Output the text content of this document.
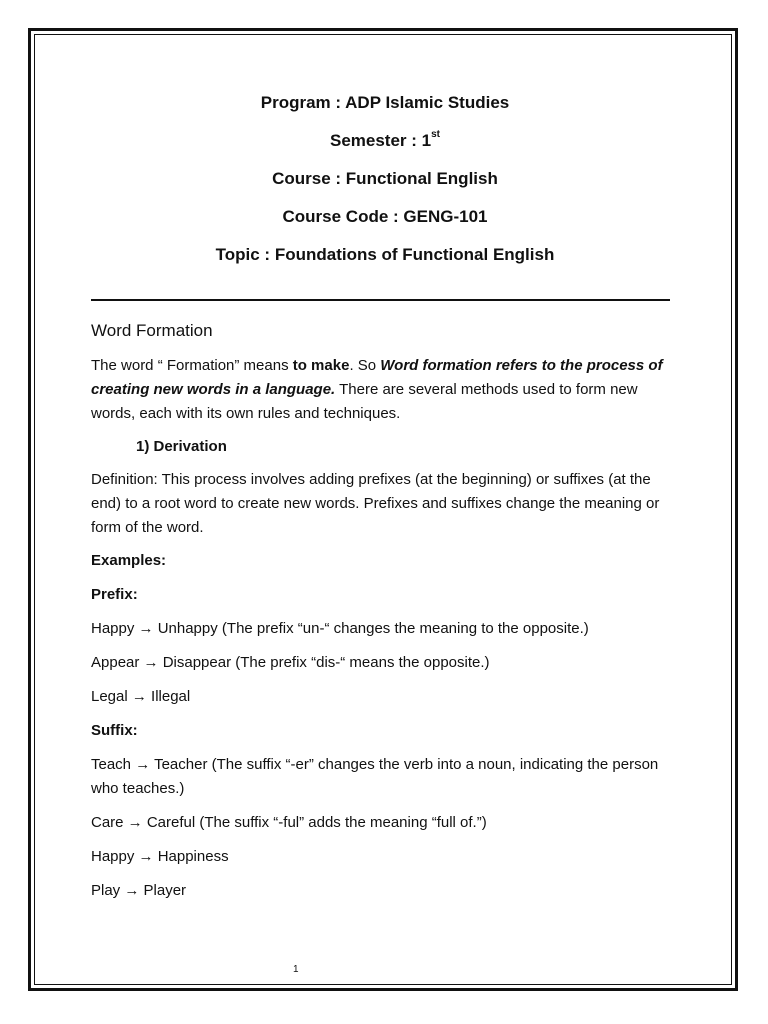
Program : ADP Islamic Studies
Semester : 1st
Course : Functional English
Course Code : GENG-101
Topic : Foundations of Functional English
Word Formation

The word “ Formation” means to make. So Word formation refers to the process of creating new words in a language. There are several methods used to form new words, each with its own rules and techniques.

1) Derivation

Definition: This process involves adding prefixes (at the beginning) or suffixes (at the end) to a root word to create new words. Prefixes and suffixes change the meaning or form of the word.

Examples:

Prefix:

Happy → Unhappy (The prefix “un-“ changes the meaning to the opposite.)

Appear → Disappear (The prefix “dis-“ means the opposite.)

Legal → Illegal

Suffix:

Teach → Teacher (The suffix “-er” changes the verb into a noun, indicating the person who teaches.)

Care → Careful (The suffix “-ful” adds the meaning “full of.”)

Happy → Happiness

Play → Player

1
